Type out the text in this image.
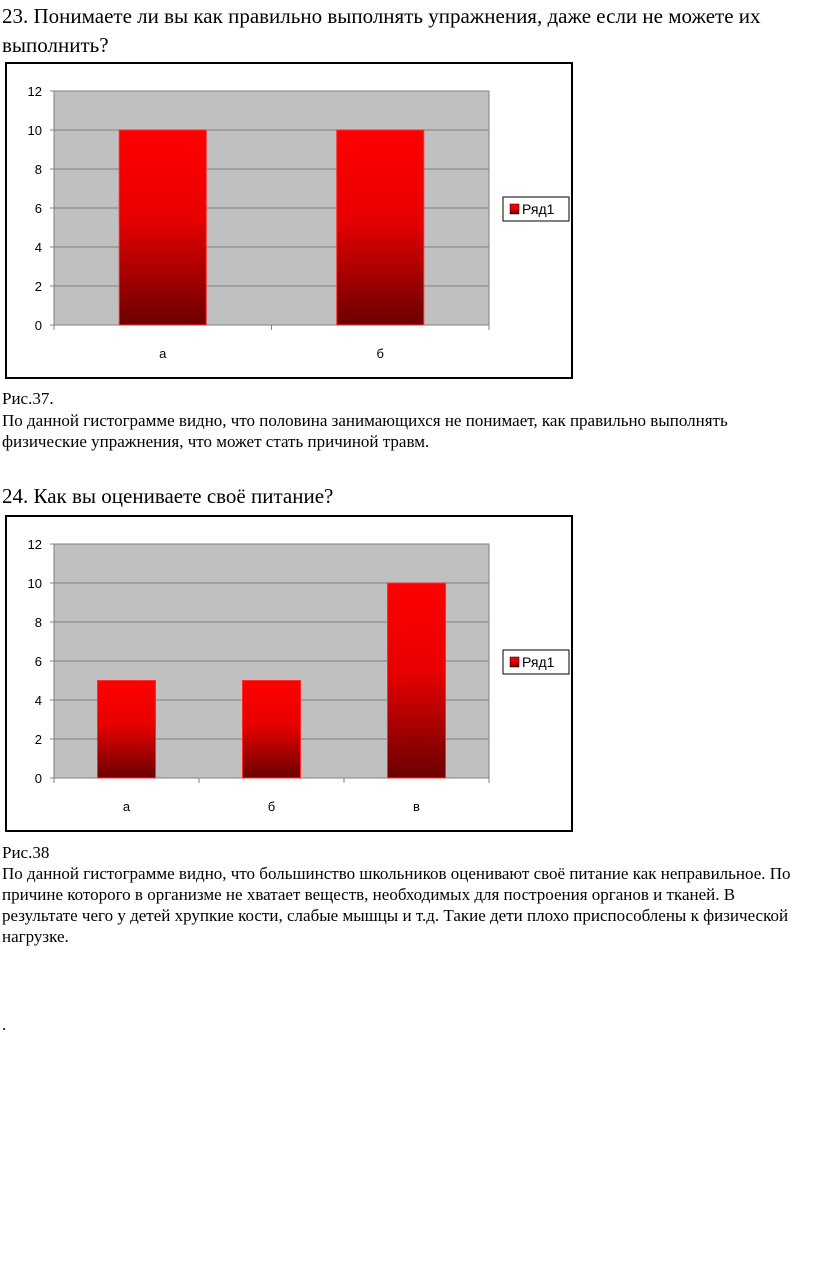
23. Понимаете ли вы как правильно выполнять упражнения, даже если не можете их выполнить?
0
2
4
6
8
10
12
а	б
Ряд1

Рис.37.

По данной гистограмме видно, что половина занимающихся не понимает, как правильно выполнять физические упражнения, что может стать причиной травм.

24. Как вы оцениваете своё питание?
0
2
4
6
8
10
12
а	б	в
Ряд1

Рис.38

По данной гистограмме видно, что большинство школьников оценивают своё питание как неправильное. По причине которого в организме не хватает веществ, необходимых для построения органов и тканей. В результате чего у детей хрупкие кости, слабые мышцы и т.д. Такие дети плохо приспособлены к физической нагрузке.

.
